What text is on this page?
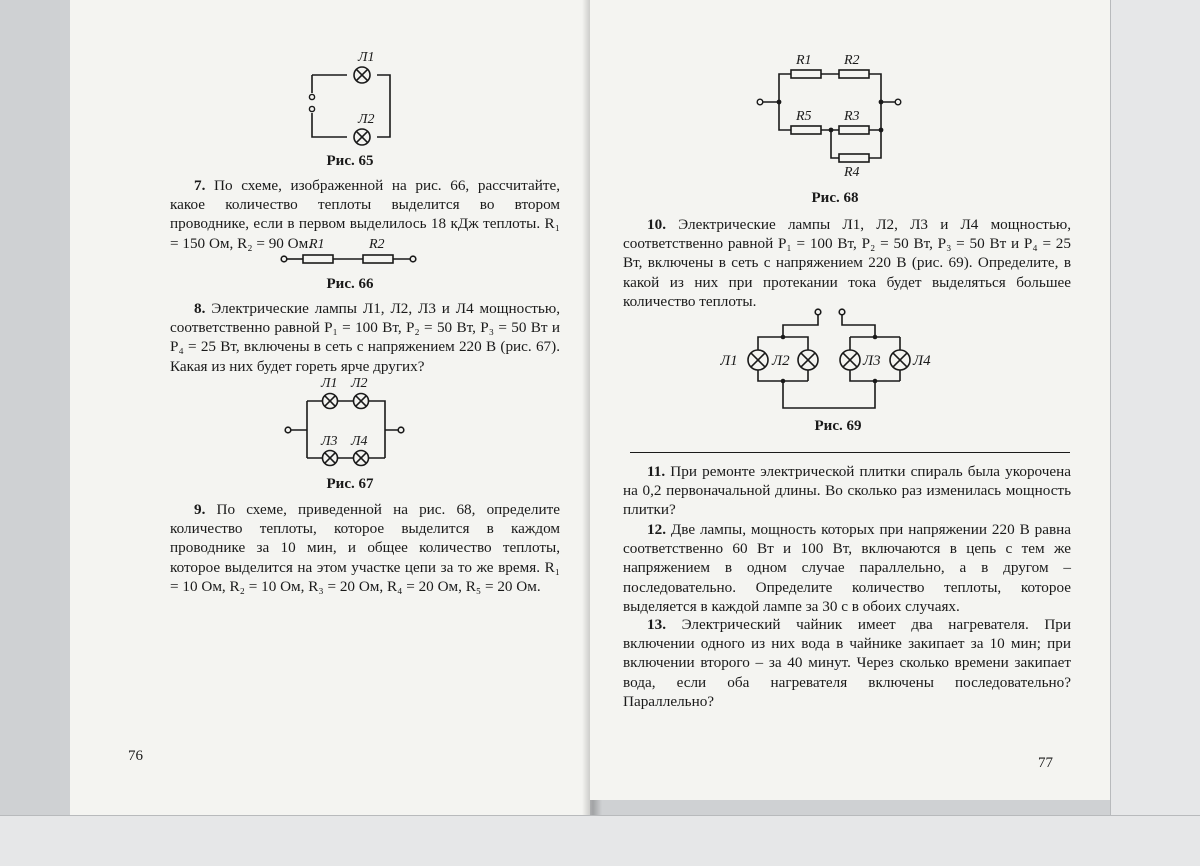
Л1
Л2
Рис. 65
7. По схеме, изображенной на рис. 66, рассчитайте, какое количество теплоты выделится во втором проводнике, если в первом выделилось 18 кДж теплоты. R₁ = 150 Ом, R₂ = 90 Ом.
R1	R2
Рис. 66
8. Электрические лампы Л1, Л2, Л3 и Л4 мощностью, соответственно равной P₁ = 100 Вт, P₂ = 50 Вт, P₃ = 50 Вт и P₄ = 25 Вт, включены в сеть с напряжением 220 В (рис. 67). Какая из них будет гореть ярче других?
Л1 Л2
Л3 Л4
Рис. 67
9. По схеме, приведенной на рис. 68, определите количество теплоты, которое выделится в каждом проводнике за 10 мин, и общее количество теплоты, которое выделится на этом участке цепи за то же время. R₁ = 10 Ом, R₂ = 10 Ом, R₃ = 20 Ом, R₄ = 20 Ом, R₅ = 20 Ом.
76
R1 R2
R5 R3
R4
Рис. 68
10. Электрические лампы Л1, Л2, Л3 и Л4 мощностью, соответственно равной P₁ = 100 Вт, P₂ = 50 Вт, P₃ = 50 Вт и P₄ = 25 Вт, включены в сеть с напряжением 220 В (рис. 69). Определите, в какой из них при протекании тока будет выделяться большее количество теплоты.
Л1 Л2	Л3 Л4
Рис. 69
11. При ремонте электрической плитки спираль была укорочена на 0,2 первоначальной длины. Во сколько раз изменилась мощность плитки?
12. Две лампы, мощность которых при напряжении 220 В равна соответственно 60 Вт и 100 Вт, включаются в цепь с тем же напряжением в одном случае параллельно, а в другом – последовательно. Определите количество теплоты, которое выделяется в каждой лампе за 30 с в обоих случаях.
13. Электрический чайник имеет два нагревателя. При включении одного из них вода в чайнике закипает за 10 мин; при включении второго – за 40 минут. Через сколько времени закипает вода, если оба нагревателя включены последовательно? Параллельно?
77
